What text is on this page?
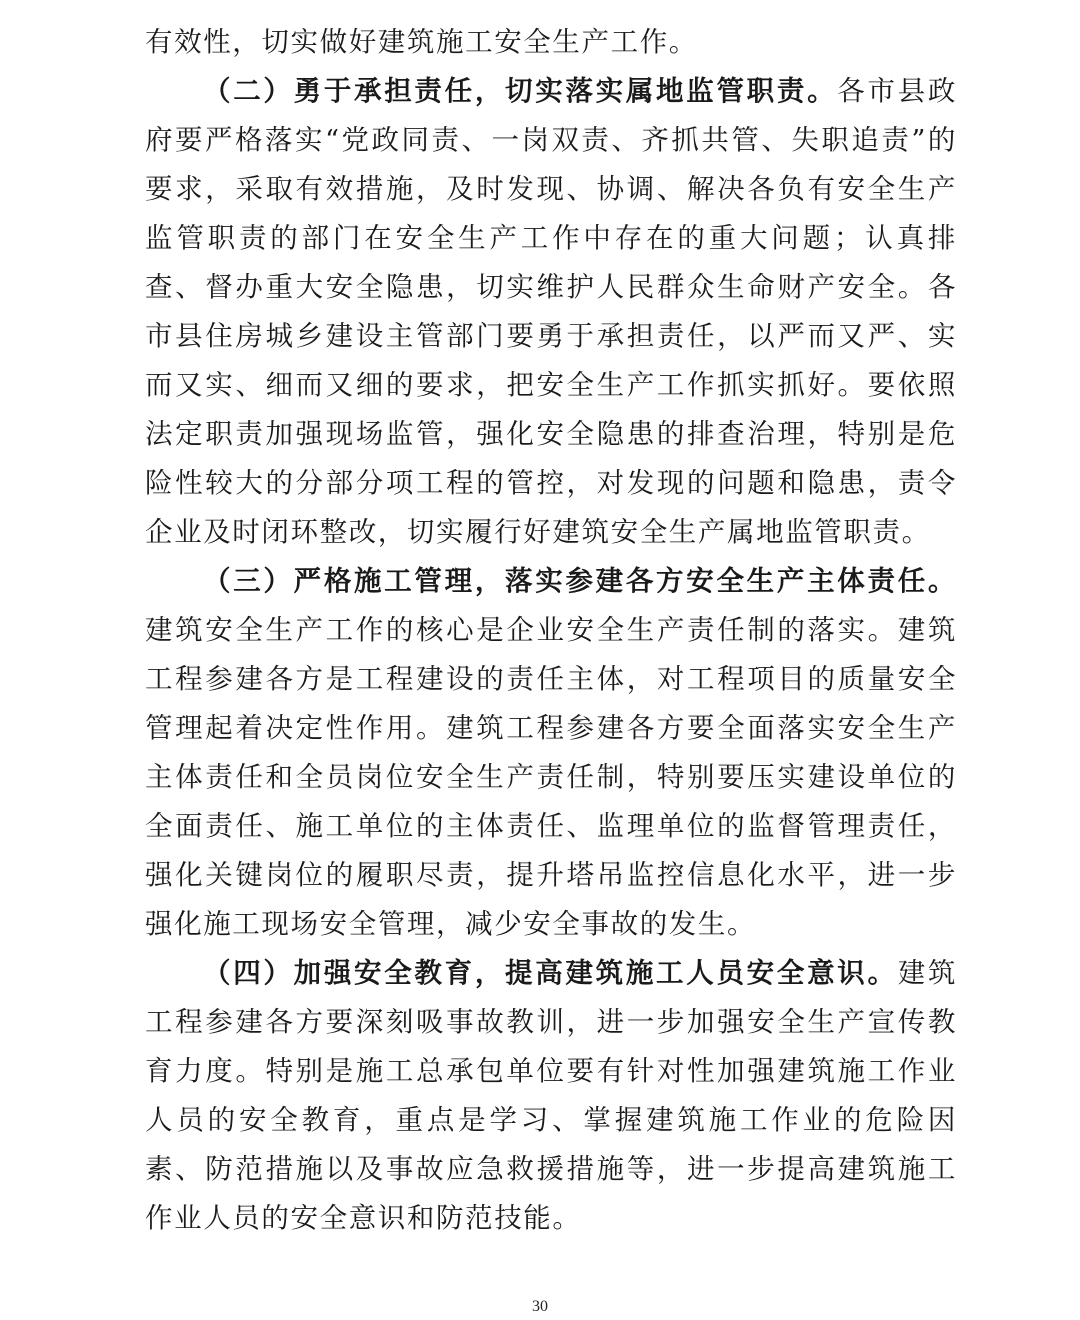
有效性，切实做好建筑施工安全生产工作。

（二）勇于承担责任，切实落实属地监管职责。各市县政府要严格落实“党政同责、一岗双责、齐抓共管、失职追责”的要求，采取有效措施，及时发现、协调、解决各负有安全生产监管职责的部门在安全生产工作中存在的重大问题；认真排查、督办重大安全隐患，切实维护人民群众生命财产安全。各市县住房城乡建设主管部门要勇于承担责任，以严而又严、实而又实、细而又细的要求，把安全生产工作抓实抓好。要依照法定职责加强现场监管，强化安全隐患的排查治理，特别是危险性较大的分部分项工程的管控，对发现的问题和隐患，责令企业及时闭环整改，切实履行好建筑安全生产属地监管职责。

（三）严格施工管理，落实参建各方安全生产主体责任。建筑安全生产工作的核心是企业安全生产责任制的落实。建筑工程参建各方是工程建设的责任主体，对工程项目的质量安全管理起着决定性作用。建筑工程参建各方要全面落实安全生产主体责任和全员岗位安全生产责任制，特别要压实建设单位的全面责任、施工单位的主体责任、监理单位的监督管理责任，强化关键岗位的履职尽责，提升塔吊监控信息化水平，进一步强化施工现场安全管理，减少安全事故的发生。

（四）加强安全教育，提高建筑施工人员安全意识。建筑工程参建各方要深刻吸事故教训，进一步加强安全生产宣传教育力度。特别是施工总承包单位要有针对性加强建筑施工作业人员的安全教育，重点是学习、掌握建筑施工作业的危险因素、防范措施以及事故应急救援措施等，进一步提高建筑施工作业人员的安全意识和防范技能。

30
